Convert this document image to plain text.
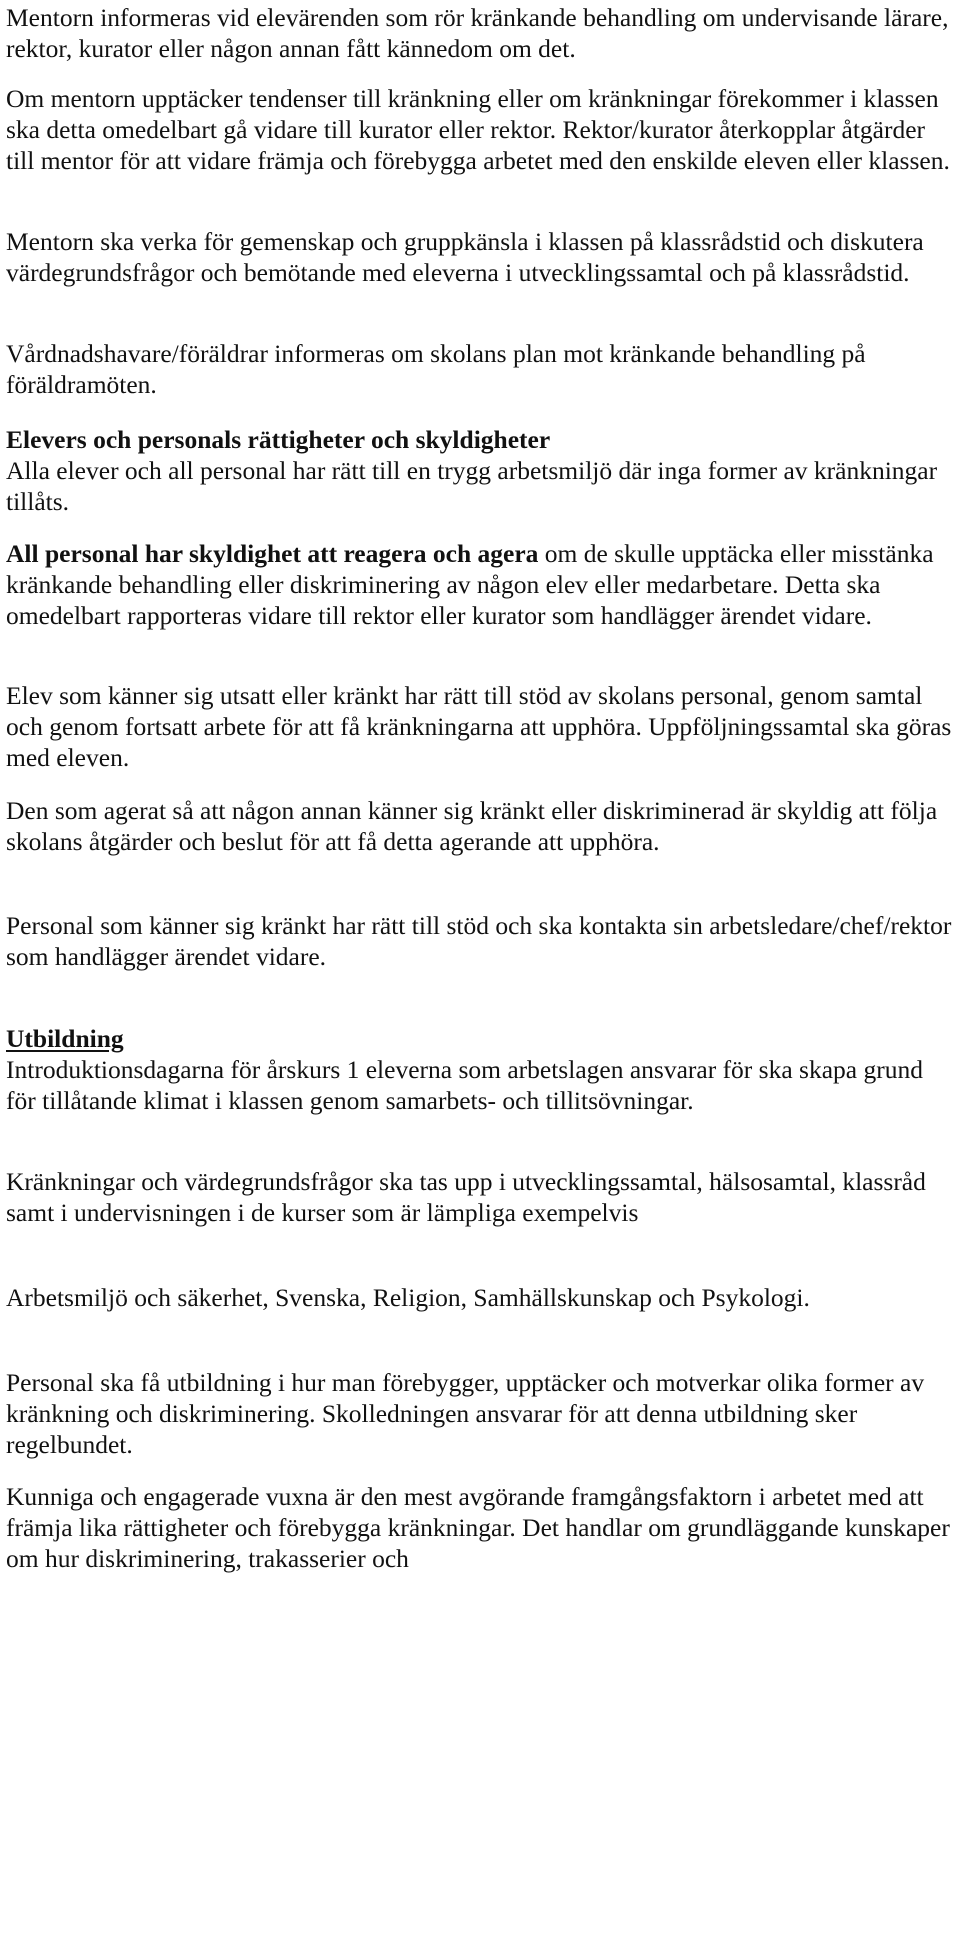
Mentorn informeras vid elevärenden som rör kränkande behandling om undervisande lärare, rektor, kurator eller någon annan fått kännedom om det.

Om mentorn upptäcker tendenser till kränkning eller om kränkningar förekommer i klassen ska detta omedelbart gå vidare till kurator eller rektor. Rektor/kurator återkopplar åtgärder till mentor för att vidare främja och förebygga arbetet med den enskilde eleven eller klassen.

Mentorn ska verka för gemenskap och gruppkänsla i klassen på klassrådstid och diskutera värdegrundsfrågor och bemötande med eleverna i utvecklingssamtal och på klassrådstid.

Vårdnadshavare/föräldrar informeras om skolans plan mot kränkande behandling på föräldramöten.

Elevers och personals rättigheter och skyldigheter

Alla elever och all personal har rätt till en trygg arbetsmiljö där inga former av kränkningar tillåts.

All personal har skyldighet att reagera och agera om de skulle upptäcka eller misstänka kränkande behandling eller diskriminering av någon elev eller medarbetare. Detta ska omedelbart rapporteras vidare till rektor eller kurator som handlägger ärendet vidare.

Elev som känner sig utsatt eller kränkt har rätt till stöd av skolans personal, genom samtal och genom fortsatt arbete för att få kränkningarna att upphöra. Uppföljningssamtal ska göras med eleven.

Den som agerat så att någon annan känner sig kränkt eller diskriminerad är skyldig att följa skolans åtgärder och beslut för att få detta agerande att upphöra.

Personal som känner sig kränkt har rätt till stöd och ska kontakta sin arbetsledare/chef/rektor som handlägger ärendet vidare.

Utbildning

Introduktionsdagarna för årskurs 1 eleverna som arbetslagen ansvarar för ska skapa grund för tillåtande klimat i klassen genom samarbets- och tillitsövningar.

Kränkningar och värdegrundsfrågor ska tas upp i utvecklingssamtal, hälsosamtal, klassråd samt i undervisningen i de kurser som är lämpliga exempelvis

Arbetsmiljö och säkerhet, Svenska, Religion, Samhällskunskap och Psykologi.

Personal ska få utbildning i hur man förebygger, upptäcker och motverkar olika former av kränkning och diskriminering. Skolledningen ansvarar för att denna utbildning sker regelbundet.

Kunniga och engagerade vuxna är den mest avgörande framgångsfaktorn i arbetet med att främja lika rättigheter och förebygga kränkningar. Det handlar om grundläggande kunskaper om hur diskriminering, trakasserier och
